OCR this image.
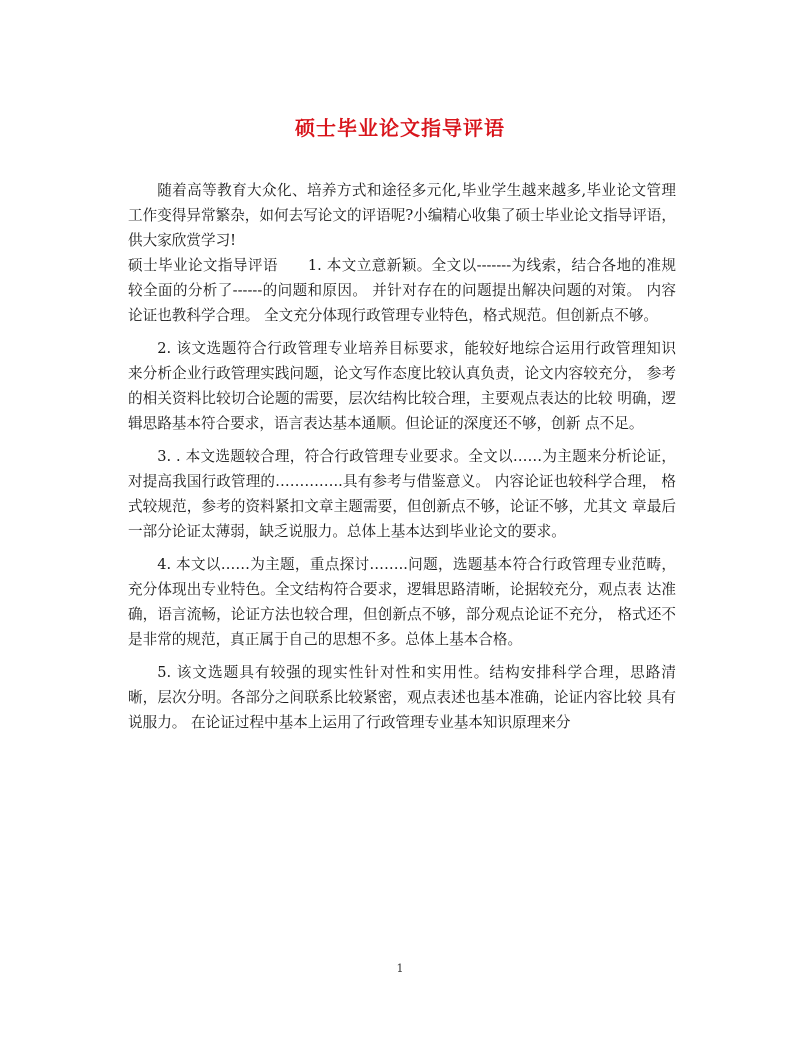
硕士毕业论文指导评语

随着高等教育大众化、培养方式和途径多元化,毕业学生越来越多,毕业论文管理工作变得异常繁杂，如何去写论文的评语呢?小编精心收集了硕士毕业论文指导评语，供大家欣赏学习!

硕士毕业论文指导评语　　1. 本文立意新颖。全文以-------为线索，结合各地的准规较全面的分析了------的问题和原因。 并针对存在的问题提出解决问题的对策。 内容论证也教科学合理。 全文充分体现行政管理专业特色，格式规范。但创新点不够。

2. 该文选题符合行政管理专业培养目标要求，能较好地综合运用行政管理知识 来分析企业行政管理实践问题，论文写作态度比较认真负责，论文内容较充分， 参考的相关资料比较切合论题的需要，层次结构比较合理，主要观点表达的比较 明确，逻辑思路基本符合要求，语言表达基本通顺。但论证的深度还不够，创新 点不足。

3. . 本文选题较合理，符合行政管理专业要求。全文以……为主题来分析论证， 对提高我国行政管理的…………..具有参考与借鉴意义。 内容论证也较科学合理， 格式较规范，参考的资料紧扣文章主题需要，但创新点不够，论证不够，尤其文 章最后一部分论证太薄弱，缺乏说服力。总体上基本达到毕业论文的要求。

4. 本文以……为主题，重点探讨……..问题，选题基本符合行政管理专业范畴， 充分体现出专业特色。全文结构符合要求，逻辑思路清晰，论据较充分，观点表 达准确，语言流畅，论证方法也较合理，但创新点不够，部分观点论证不充分， 格式还不是非常的规范，真正属于自己的思想不多。总体上基本合格。

5. 该文选题具有较强的现实性针对性和实用性。结构安排科学合理，思路清 晰，层次分明。各部分之间联系比较紧密，观点表述也基本准确，论证内容比较 具有说服力。 在论证过程中基本上运用了行政管理专业基本知识原理来分

1
